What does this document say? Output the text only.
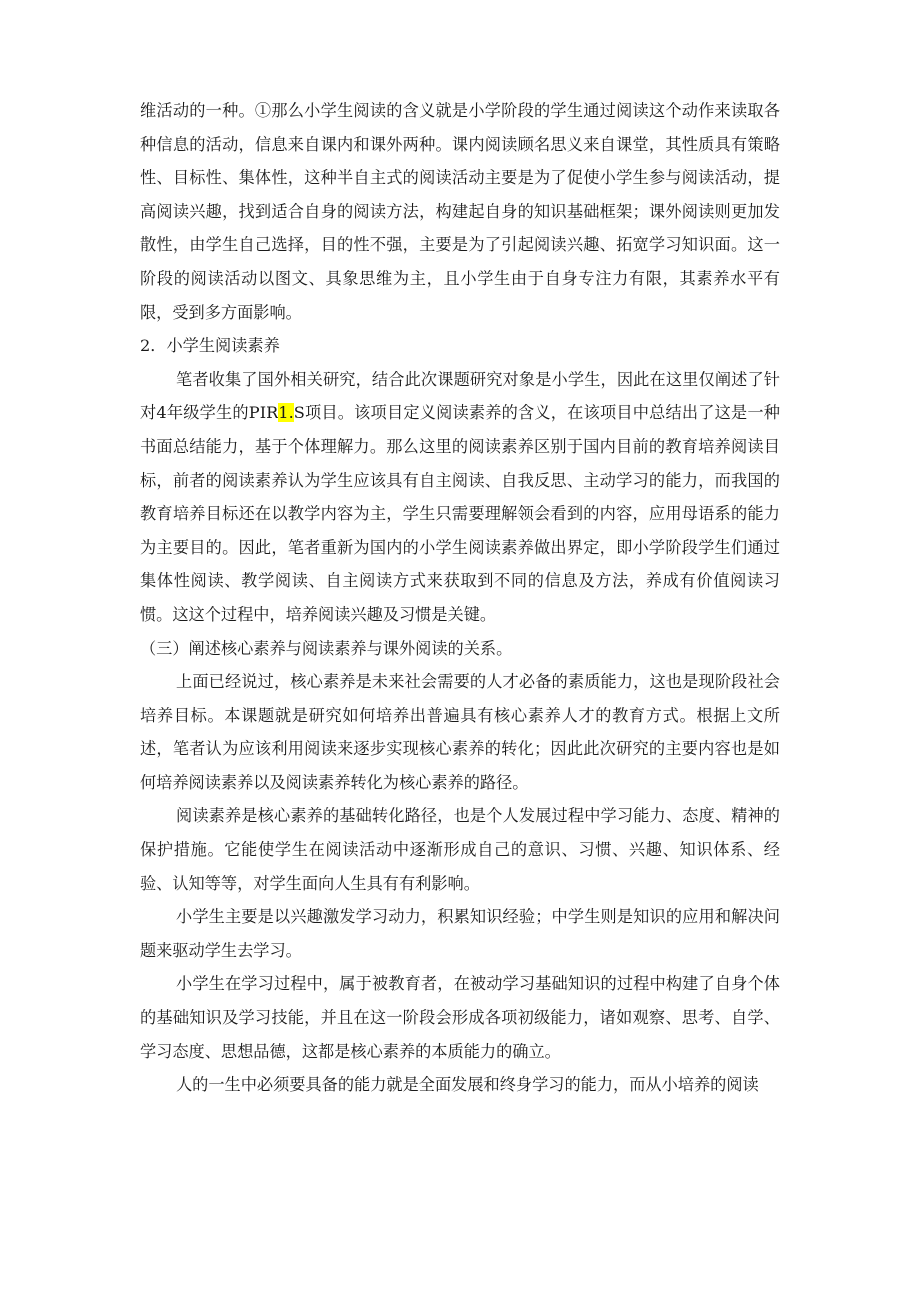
维活动的一种。①那么小学生阅读的含义就是小学阶段的学生通过阅读这个动作来读取各种信息的活动，信息来自课内和课外两种。课内阅读顾名思义来自课堂，其性质具有策略性、目标性、集体性，这种半自主式的阅读活动主要是为了促使小学生参与阅读活动，提高阅读兴趣，找到适合自身的阅读方法，构建起自身的知识基础框架；课外阅读则更加发散性，由学生自己选择，目的性不强，主要是为了引起阅读兴趣、拓宽学习知识面。这一阶段的阅读活动以图文、具象思维为主，且小学生由于自身专注力有限，其素养水平有限，受到多方面影响。

2．小学生阅读素养

笔者收集了国外相关研究，结合此次课题研究对象是小学生，因此在这里仅阐述了针对4年级学生的PIR1.S项目。该项目定义阅读素养的含义，在该项目中总结出了这是一种书面总结能力，基于个体理解力。那么这里的阅读素养区别于国内目前的教育培养阅读目标，前者的阅读素养认为学生应该具有自主阅读、自我反思、主动学习的能力，而我国的教育培养目标还在以教学内容为主，学生只需要理解领会看到的内容，应用母语系的能力为主要目的。因此，笔者重新为国内的小学生阅读素养做出界定，即小学阶段学生们通过集体性阅读、教学阅读、自主阅读方式来获取到不同的信息及方法，养成有价值阅读习惯。这这个过程中，培养阅读兴趣及习惯是关键。

（三）阐述核心素养与阅读素养与课外阅读的关系。

上面已经说过，核心素养是未来社会需要的人才必备的素质能力，这也是现阶段社会培养目标。本课题就是研究如何培养出普遍具有核心素养人才的教育方式。根据上文所述，笔者认为应该利用阅读来逐步实现核心素养的转化；因此此次研究的主要内容也是如何培养阅读素养以及阅读素养转化为核心素养的路径。

阅读素养是核心素养的基础转化路径，也是个人发展过程中学习能力、态度、精神的保护措施。它能使学生在阅读活动中逐渐形成自己的意识、习惯、兴趣、知识体系、经验、认知等等，对学生面向人生具有有利影响。

小学生主要是以兴趣激发学习动力，积累知识经验；中学生则是知识的应用和解决问题来驱动学生去学习。

小学生在学习过程中，属于被教育者，在被动学习基础知识的过程中构建了自身个体的基础知识及学习技能，并且在这一阶段会形成各项初级能力，诸如观察、思考、自学、学习态度、思想品德，这都是核心素养的本质能力的确立。

人的一生中必须要具备的能力就是全面发展和终身学习的能力，而从小培养的阅读
